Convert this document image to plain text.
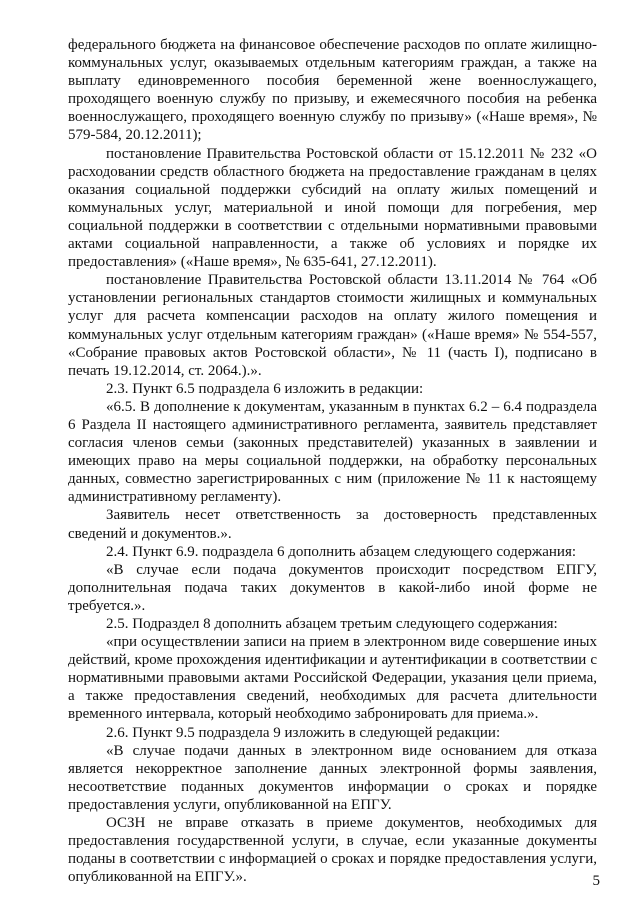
федерального бюджета на финансовое обеспечение расходов по оплате жилищно-коммунальных услуг, оказываемых отдельным категориям граждан, а также на выплату единовременного пособия беременной жене военнослужащего, проходящего военную службу по призыву, и ежемесячного пособия на ребенка военнослужащего, проходящего военную службу по призыву» («Наше время», № 579-584, 20.12.2011);

постановление Правительства Ростовской области от 15.12.2011 № 232 «О расходовании средств областного бюджета на предоставление гражданам в целях оказания социальной поддержки субсидий на оплату жилых помещений и коммунальных услуг, материальной и иной помощи для погребения, мер социальной поддержки в соответствии с отдельными нормативными правовыми актами социальной направленности, а также об условиях и порядке их предоставления» («Наше время», № 635-641, 27.12.2011).

постановление Правительства Ростовской области 13.11.2014 № 764 «Об установлении региональных стандартов стоимости жилищных и коммунальных услуг для расчета компенсации расходов на оплату жилого помещения и коммунальных услуг отдельным категориям граждан» («Наше время» № 554-557, «Собрание правовых актов Ростовской области», № 11 (часть I), подписано в печать 19.12.2014, ст. 2064.).».

2.3. Пункт 6.5 подраздела 6 изложить в редакции:

«6.5. В дополнение к документам, указанным в пунктах 6.2 – 6.4 подраздела 6 Раздела II настоящего административного регламента, заявитель представляет согласия членов семьи (законных представителей) указанных в заявлении и имеющих право на меры социальной поддержки, на обработку персональных данных, совместно зарегистрированных с ним (приложение № 11 к настоящему административному регламенту).

Заявитель несет ответственность за достоверность представленных сведений и документов.».

2.4. Пункт 6.9. подраздела 6 дополнить абзацем следующего содержания:

«В случае если подача документов происходит посредством ЕПГУ, дополнительная подача таких документов в какой-либо иной форме не требуется.».

2.5. Подраздел 8 дополнить абзацем третьим следующего содержания:

«при осуществлении записи на прием в электронном виде совершение иных действий, кроме прохождения идентификации и аутентификации в соответствии с нормативными правовыми актами Российской Федерации, указания цели приема, а также предоставления сведений, необходимых для расчета длительности временного интервала, который необходимо забронировать для приема.».

2.6. Пункт 9.5 подраздела 9 изложить в следующей редакции:

«В случае подачи данных в электронном виде основанием для отказа является некорректное заполнение данных электронной формы заявления, несоответствие поданных документов информации о сроках и порядке предоставления услуги, опубликованной на ЕПГУ.

ОСЗН не вправе отказать в приеме документов, необходимых для предоставления государственной услуги, в случае, если указанные документы поданы в соответствии с информацией о сроках и порядке предоставления услуги, опубликованной на ЕПГУ.».	5
